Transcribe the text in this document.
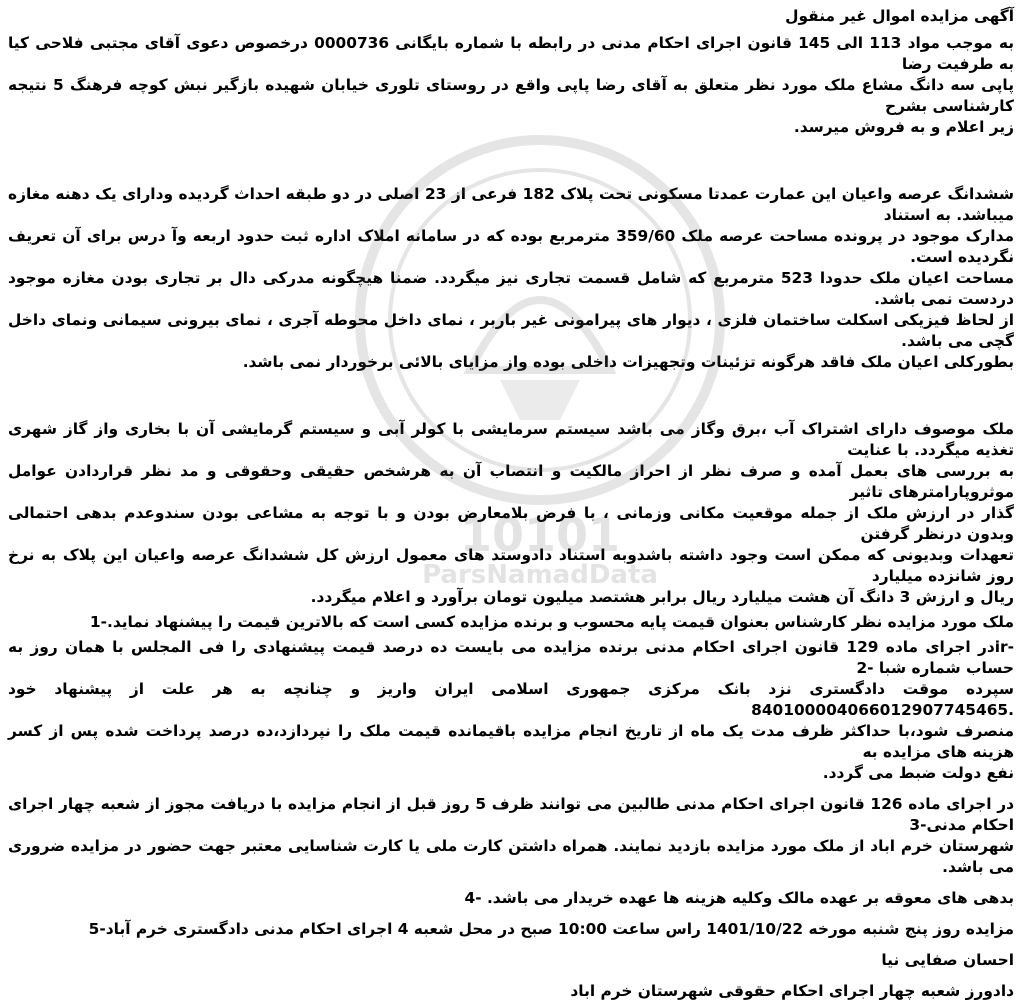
10101
ParsNamadData

آگهی مزایده اموال غیر منقول

به موجب مواد 113 الی 145 قانون اجرای احکام مدنی در رابطه با شماره بایگانی 0000736 درخصوص دعوی آقای مجتبی فلاحی کیا به طرفیت رضا
پاپی سه دانگ مشاع ملک مورد نظر متعلق به آقای رضا پاپی واقع در روستای تلوری خیابان شهیده بازگیر نبش کوچه فرهنگ 5 نتیجه کارشناسی بشرح
زیر اعلام و به فروش میرسد.

ششدانگ عرصه واعیان این عمارت عمدتا مسکونی تحت پلاک 182 فرعی از 23 اصلی در دو طبقه احداث گردیده ودارای یک دهنه مغازه میباشد. به استناد
مدارک موجود در پرونده مساحت عرصه ملک 359/60 مترمربع بوده که در سامانه املاک اداره ثبت حدود اربعه وآ درس برای آن تعریف نگردیده است.
مساحت اعیان ملک حدودا 523 مترمربع که شامل قسمت تجاری نیز میگردد. ضمنا هیچگونه مدرکی دال بر تجاری بودن مغازه موجود دردست نمی باشد.
از لحاظ فیزیکی اسکلت ساختمان فلزی ، دیوار های پیرامونی غیر باربر ، نمای داخل محوطه آجری ، نمای بیرونی سیمانی ونمای داخل گچی می باشد.
بطورکلی اعیان ملک فاقد هرگونه تزئینات وتجهیزات داخلی بوده واز مزایای بالائی برخوردار نمی باشد.

ملک موصوف دارای اشتراک آب ،برق وگاز می باشد سیستم سرمایشی با کولر آبی و سیستم گرمایشی آن با بخاری واز گاز شهری تغذیه میگردد. با عنایت
به بررسی های بعمل آمده و صرف نظر از احراز مالکیت و انتصاب آن به هرشخص حقیقی وحقوقی و مد نظر قراردادن عوامل موثروپارامترهای تاثیر
گذار در ارزش ملک از جمله موقعیت مکانی وزمانی ، با فرض بلامعارض بودن و با توجه به مشاعی بودن سندوعدم بدهی احتمالی وبدون درنظر گرفتن
تعهدات وبدیونی که ممکن است وجود داشته باشدوبه استناد دادوستد های معمول ارزش کل ششدانگ عرصه واعیان این پلاک به نرخ روز شانزده میلیارد
ریال و ارزش 3 دانگ آن هشت میلیارد ریال برابر هشتصد میلیون تومان برآورد و اعلام میگردد.

ملک مورد مزایده نظر کارشناس بعنوان قیمت پایه محسوب و برنده مزایده کسی است که بالاترین قیمت را پیشنهاد نماید.-1

-irدر اجرای ماده 129 قانون اجرای احکام مدنی برنده مزایده می بایست ده درصد قیمت پیشنهادی را فی المجلس با همان روز به حساب شماره شبا -2
سپرده موقت دادگستری نزد بانک مرکزی جمهوری اسلامی ایران واریز و چنانچه به هر علت از پیشنهاد خود .840100004066012907745465
منصرف شود،با حداکثر ظرف مدت یک ماه از تاریخ انجام مزایده باقیمانده قیمت ملک را نپردازد،ده درصد پرداخت شده پس از کسر هزینه های مزایده به
نفع دولت ضبط می گردد.

در اجرای ماده 126 قانون اجرای احکام مدنی طالبین می توانند ظرف 5 روز قبل از انجام مزایده با دریافت مجوز از شعبه چهار اجرای احکام مدنی-3
شهرستان خرم اباد از ملک مورد مزایده بازدید نمایند. همراه داشتن کارت ملی یا کارت شناسایی معتبر جهت حضور در مزایده ضروری می باشد.

بدهی های معوقه بر عهده مالک وکلیه هزینه ها عهده خریدار می باشد. -4

مزایده روز پنج شنبه مورخه 1401/10/22 راس ساعت 10:00 صبح در محل شعبه 4 اجرای احکام مدنی دادگستری خرم آباد-5

احسان صفایی نیا

دادورز شعبه چهار اجرای احکام حقوقی شهرستان خرم اباد
